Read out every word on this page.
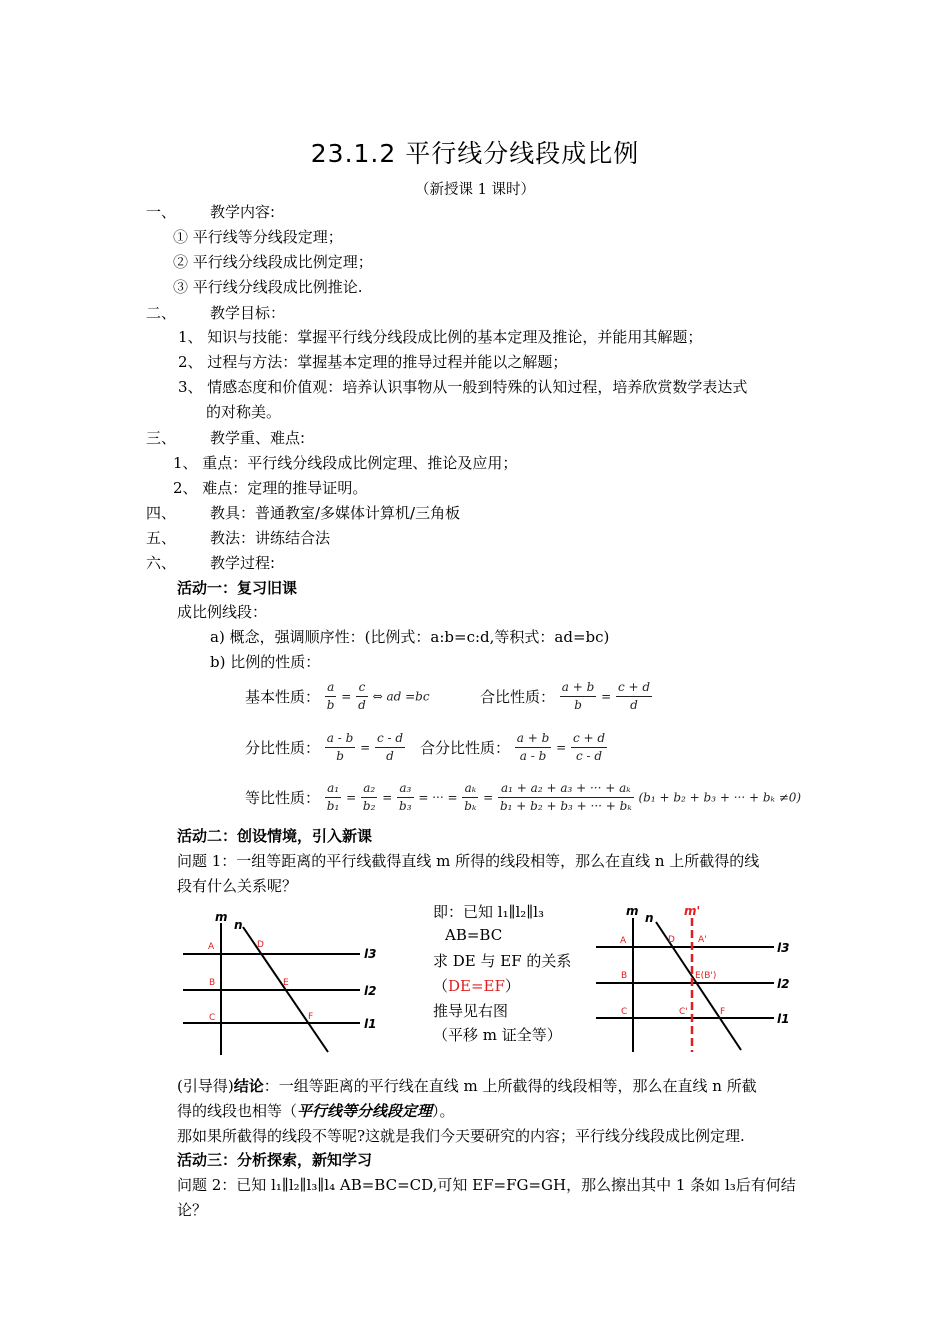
23.1.2 平行线分线段成比例
（新授课 1 课时）
一、 教学内容:
① 平行线等分线段定理；
② 平行线分线段成比例定理；
③ 平行线分线段成比例推论.
二、 教学目标：
1、 知识与技能：掌握平行线分线段成比例的基本定理及推论，并能用其解题；
2、 过程与方法：掌握基本定理的推导过程并能以之解题；
3、 情感态度和价值观：培养认识事物从一般到特殊的认知过程，培养欣赏数学表达式
的对称美。
三、 教学重、难点:
1、 重点：平行线分线段成比例定理、推论及应用；
2、 难点：定理的推导证明。
四、 教具：普通教室/多媒体计算机/三角板
五、 教法：讲练结合法
六、 教学过程:
活动一：复习旧课
成比例线段：
a) 概念，强调顺序性：(比例式：a:b=c:d,等积式：ad=bc)
b) 比例的性质：
基本性质： $\frac{a}{b} = \frac{c}{d}$ ⇔ ad =bc	合比性质： $\frac{a + b}{b} = \frac{c + d}{d}$
分比性质： $\frac{a - b}{b} = \frac{c - d}{d}$ 合分比性质： $\frac{a + b}{a - b} = \frac{c + d}{c - d}$
等比性质： $\frac{\text{a₁}}{\text{b₁}} = \frac{\text{a₂}}{\text{b₂}} = \frac{\text{a₃}}{\text{b₃}}$ = ··· = $\frac{\text{aₖ}}{\text{bₖ}} = \frac{\text{a₁ + a₂ + a₃ + ··· + aₖ}}{\text{b₁ + b₂ + b₃ + ··· + bₖ}} (b_1 + b_2 + b_3$ + ··· + bₖ ≠0)
活动二：创设情境，引入新课
问题 1：一组等距离的平行线截得直线 m 所得的线段相等，那么在直线 n 上所截得的线
段有什么关系呢？
m
n
l3
l2
l1
A
B
C
D
E
F
即：已知 l₁∥l₂∥l₃
AB=BC
求 DE 与 EF 的关系
（DE=EF）
推导见右图
（平移 m 证全等）
m n	m'
l3
l2
l1
A
B
C
D	A'
E(B')
C'	F
(引导得)结论：一组等距离的平行线在直线 m 上所截得的线段相等，那么在直线 n 所截
得的线段也相等（平行线等分线段定理）。
那如果所截得的线段不等呢?这就是我们今天要研究的内容；平行线分线段成比例定理.
活动三：分析探索，新知学习
问题 2：已知 l₁∥l₂∥l₃∥l₄ AB=BC=CD,可知 EF=FG=GH，那么擦出其中 1 条如 l₃后有何结
论？
